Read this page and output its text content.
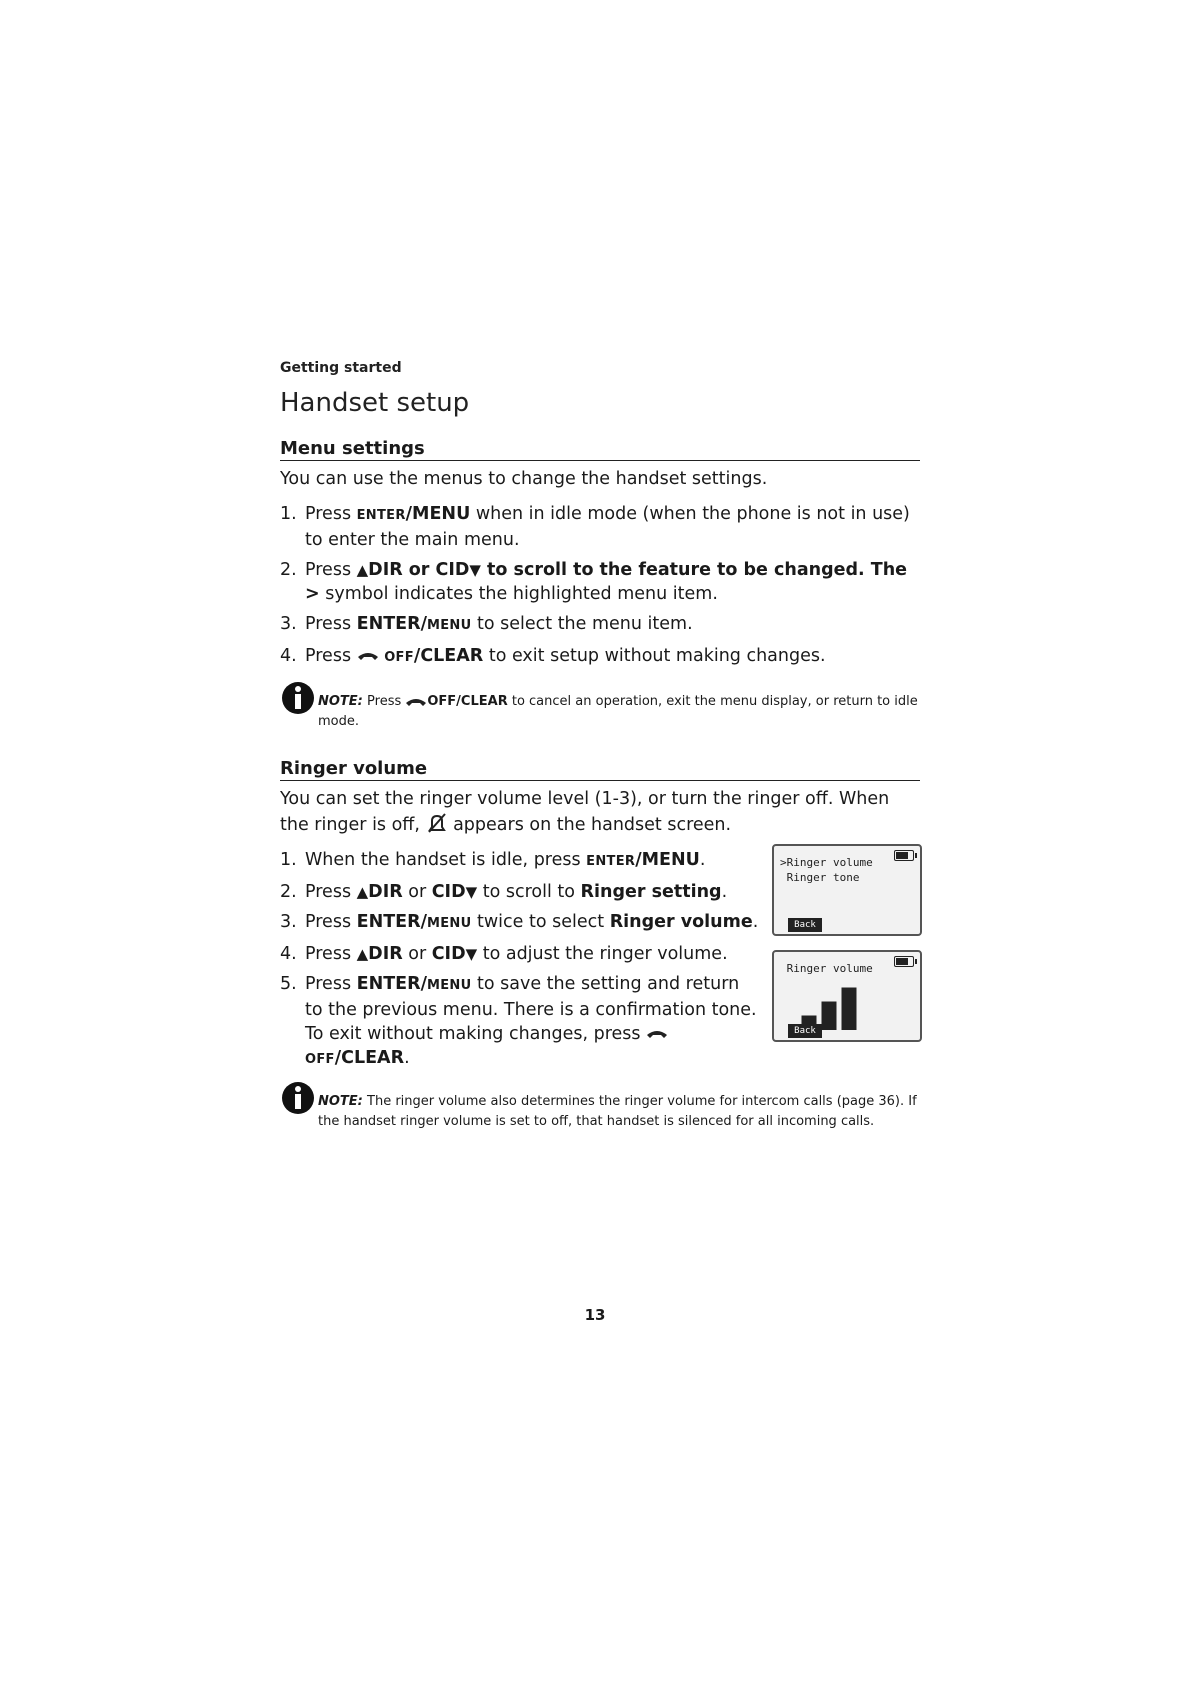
Getting started
Handset setup
Menu settings
You can use the menus to change the handset settings.
1. Press ENTER/MENU when in idle mode (when the phone is not in use) to enter the main menu.
2. Press ▲DIR or CID▼ to scroll to the feature to be changed. The > symbol indicates the highlighted menu item.
3. Press ENTER/MENU to select the menu item.
4. Press  OFF/CLEAR to exit setup without making changes.
NOTE: Press OFF/CLEAR to cancel an operation, exit the menu display, or return to idle mode.
Ringer volume
You can set the ringer volume level (1-3), or turn the ringer off. When the ringer is off,  appears on the handset screen.
1. When the handset is idle, press ENTER/MENU.
2. Press ▲DIR or CID▼ to scroll to Ringer setting.
3. Press ENTER/MENU twice to select Ringer volume.
4. Press ▲DIR or CID▼ to adjust the ringer volume.
5. Press ENTER/MENU to save the setting and return to the previous menu. There is a confirmation tone. To exit without making changes, press  OFF/CLEAR.
>Ringer volume
Ringer tone
Back
Ringer volume
Back
NOTE: The ringer volume also determines the ringer volume for intercom calls (page 36). If the handset ringer volume is set to off, that handset is silenced for all incoming calls.
13
